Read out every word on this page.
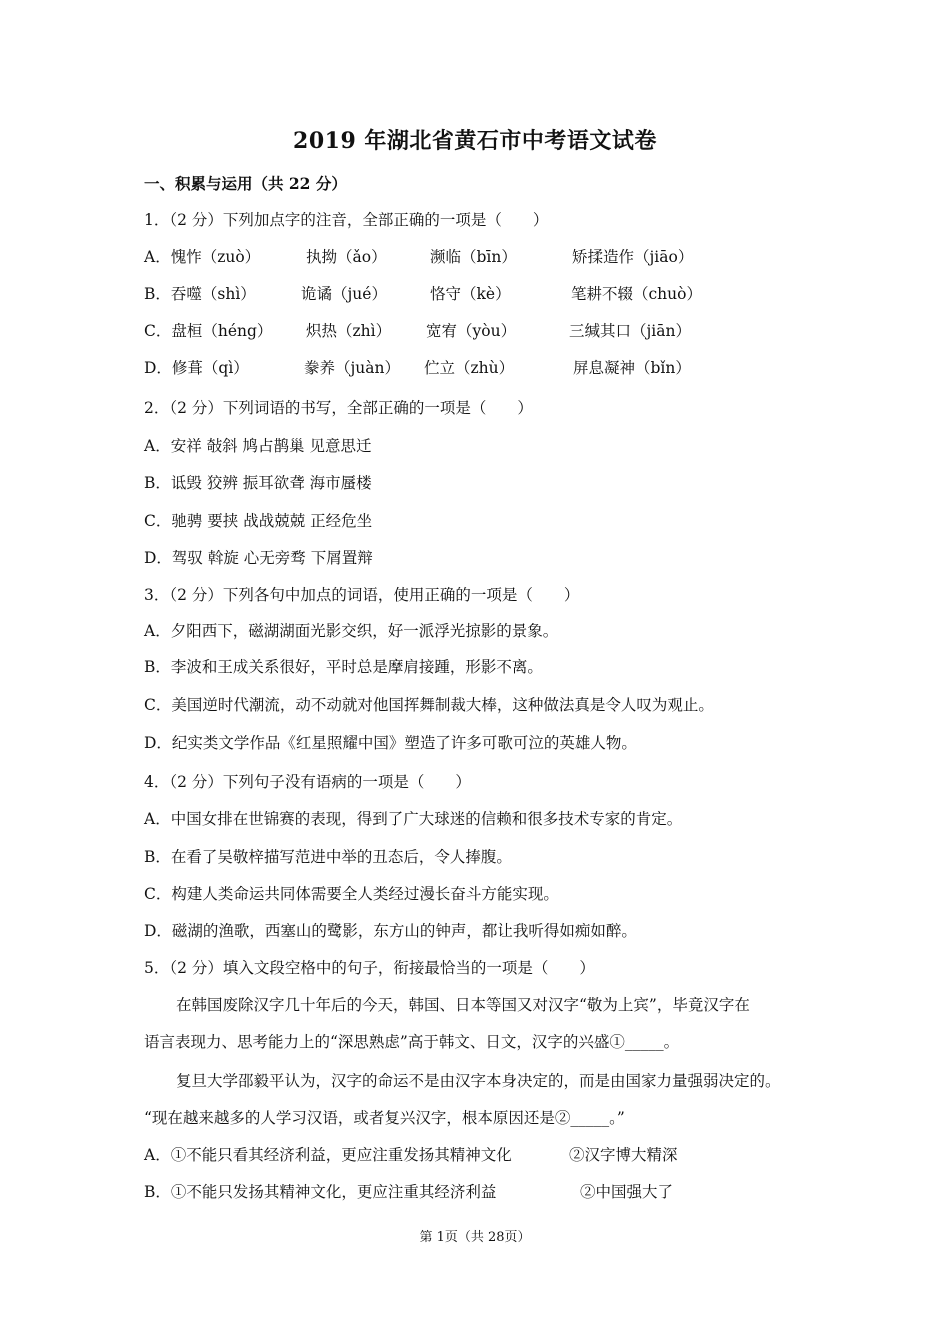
2019 年湖北省黄石市中考语文试卷
一、积累与运用（共 22 分）
1．（2 分）下列加点字的注音，全部正确的一项是（　　）
A．愧怍（zuò）	执拗（ǎo）	濒临（bīn）	矫揉造作（jiāo）
B．吞噬（shì）	诡谲（jué）	恪守（kè）	笔耕不辍（chuò）
C．盘桓（héng） 炽热（zhì） 宽宥（yòu）	三缄其口（jiān）
D．修葺（qì）	豢养（juàn） 伫立（zhù）	屏息凝神（bǐn）
2．（2 分）下列词语的书写，全部正确的一项是（　　）
A．安祥 敧斜 鸠占鹊巢 见意思迁
B．诋毁 狡辨 振耳欲聋 海市蜃楼
C．驰骋 要挟 战战兢兢 正经危坐
D．驾驭 斡旋 心无旁骛 下屑置辩
3．（2 分）下列各句中加点的词语，使用正确的一项是（　　）
A．夕阳西下，磁湖湖面光影交织，好一派浮光掠影的景象。
B．李波和王成关系很好，平时总是摩肩接踵，形影不离。
C．美国逆时代潮流，动不动就对他国挥舞制裁大棒，这种做法真是令人叹为观止。
D．纪实类文学作品《红星照耀中国》塑造了许多可歌可泣的英雄人物。
4．（2 分）下列句子没有语病的一项是（　　）
A．中国女排在世锦赛的表现，得到了广大球迷的信赖和很多技术专家的肯定。
B．在看了吴敬梓描写范进中举的丑态后，令人捧腹。
C．构建人类命运共同体需要全人类经过漫长奋斗方能实现。
D．磁湖的渔歌，西塞山的鹭影，东方山的钟声，都让我听得如痴如醉。
5．（2 分）填入文段空格中的句子，衔接最恰当的一项是（　　）
在韩国废除汉字几十年后的今天，韩国、日本等国又对汉字“敬为上宾”，毕竟汉字在
语言表现力、思考能力上的“深思熟虑”高于韩文、日文，汉字的兴盛①_____。
复旦大学邵毅平认为，汉字的命运不是由汉字本身决定的，而是由国家力量强弱决定的。
“现在越来越多的人学习汉语，或者复兴汉字，根本原因还是②_____。”
A．①不能只看其经济利益，更应注重发扬其精神文化	②汉字博大精深
B．①不能只发扬其精神文化，更应注重其经济利益	②中国强大了
第 1页（共 28页）
